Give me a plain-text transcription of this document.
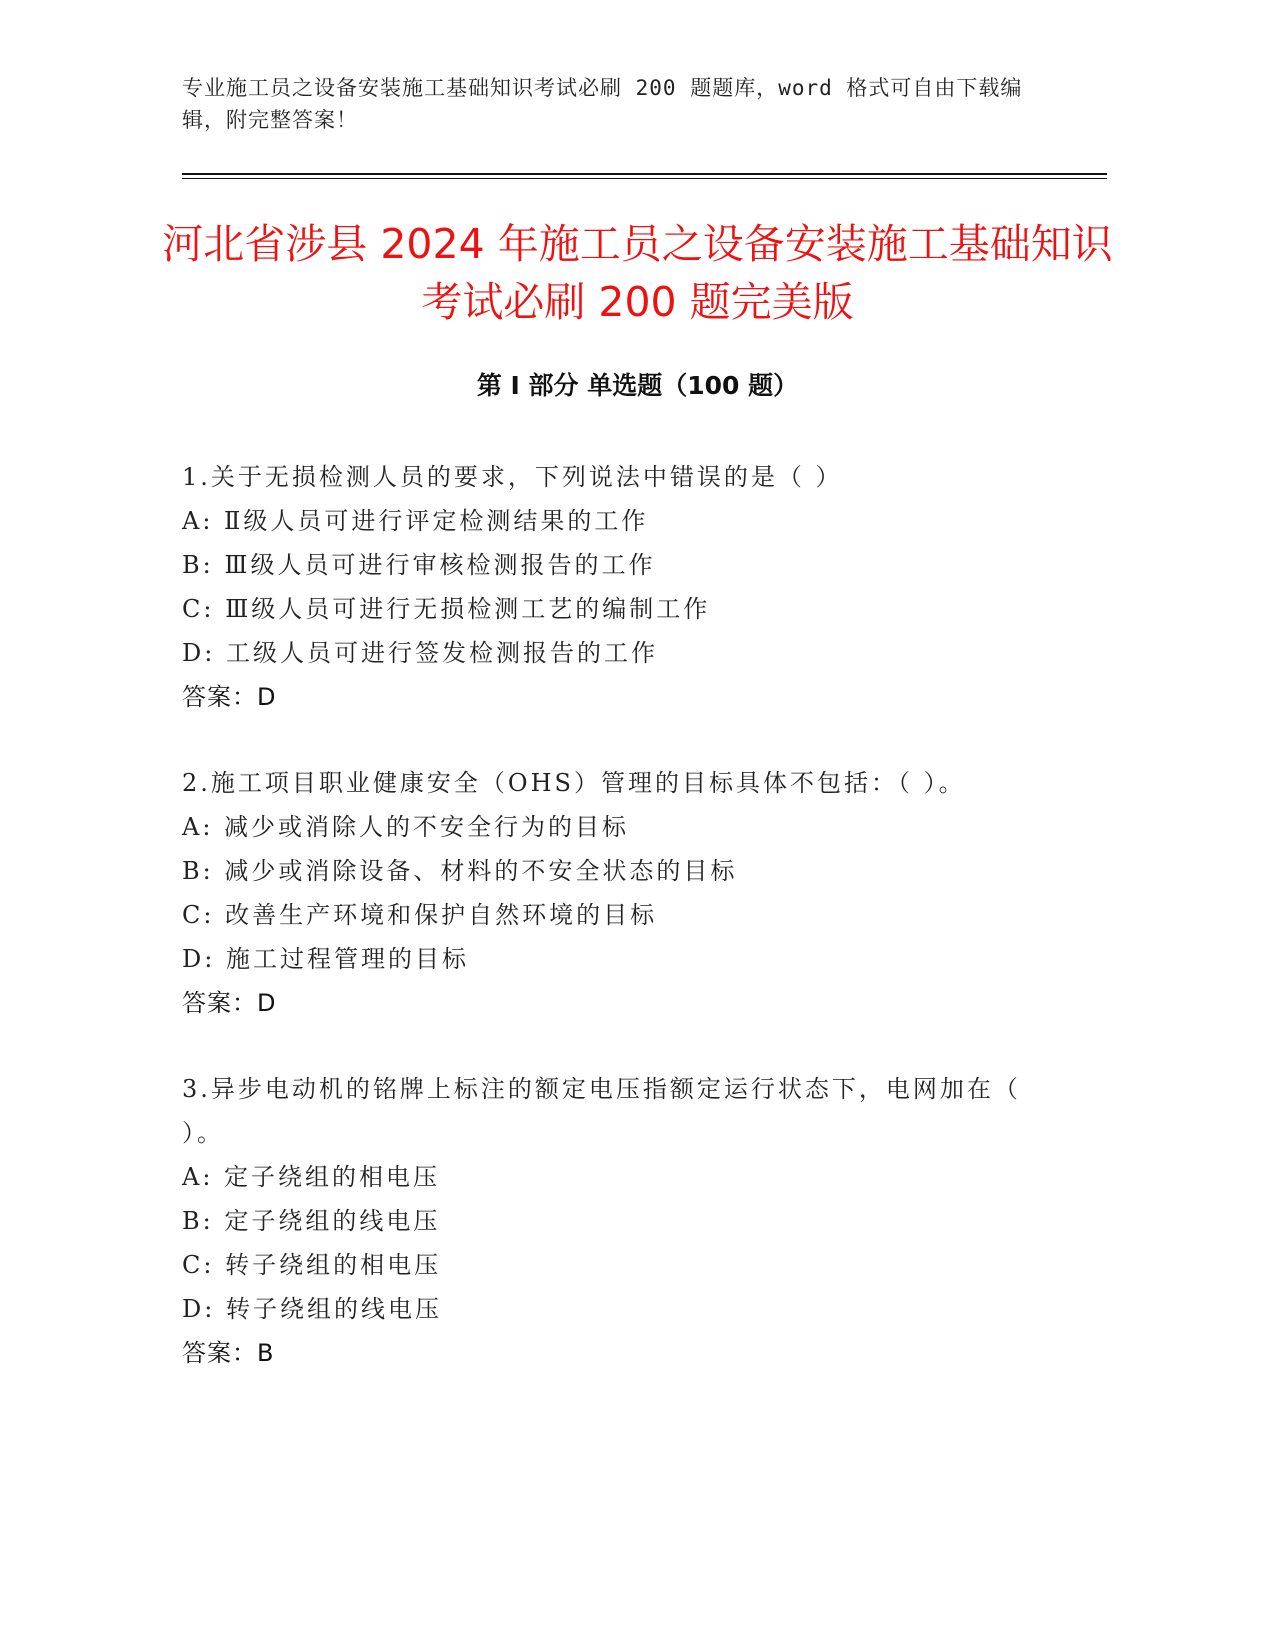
专业施工员之设备安装施工基础知识考试必刷 200 题题库，word 格式可自由下载编辑，附完整答案！
河北省涉县 2024 年施工员之设备安装施工基础知识考试必刷 200 题完美版
第 I 部分 单选题（100 题）
1.关于无损检测人员的要求，下列说法中错误的是（ ）
A: Ⅱ级人员可进行评定检测结果的工作
B: Ⅲ级人员可进行审核检测报告的工作
C: Ⅲ级人员可进行无损检测工艺的编制工作
D: 工级人员可进行签发检测报告的工作
答案：D
2.施工项目职业健康安全（OHS）管理的目标具体不包括：（ ）。
A: 减少或消除人的不安全行为的目标
B: 减少或消除设备、材料的不安全状态的目标
C: 改善生产环境和保护自然环境的目标
D: 施工过程管理的目标
答案：D
3.异步电动机的铭牌上标注的额定电压指额定运行状态下，电网加在（ ）。
A: 定子绕组的相电压
B: 定子绕组的线电压
C: 转子绕组的相电压
D: 转子绕组的线电压
答案：B
